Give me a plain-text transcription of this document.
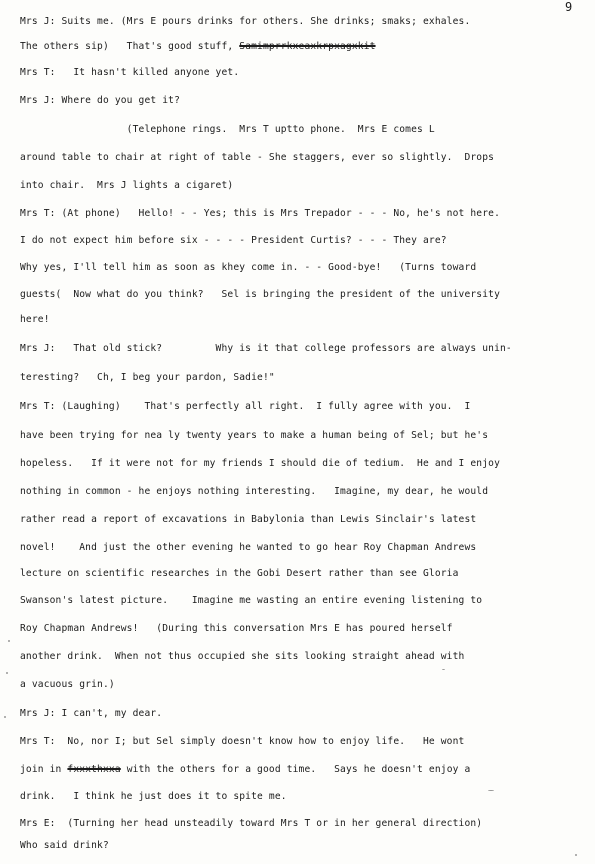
9

Mrs J: Suits me. (Mrs E pours drinks for others. She drinks; smaks; exhales.

The others sip)   That's good stuff, Samimprrkxeaxkrpxagxkit

Mrs T:   It hasn't killed anyone yet.

Mrs J: Where do you get it?

(Telephone rings.  Mrs T uptto phone.  Mrs E comes L

around table to chair at right of table - She staggers, ever so slightly.  Drops

into chair.  Mrs J lights a cigaret)

Mrs T: (At phone)   Hello! - - Yes; this is Mrs Trepador - - - No, he's not here.

I do not expect him before six - - - - President Curtis? - - - They are?

Why yes, I'll tell him as soon as khey come in. - - Good-bye!   (Turns toward

guests(  Now what do you think?   Sel is bringing the president of the university

here!

Mrs J:   That old stick?         Why is it that college professors are always unin-

teresting?   Ch, I beg your pardon, Sadie!"

Mrs T: (Laughing)    That's perfectly all right.  I fully agree with you.  I

have been trying for nea ly twenty years to make a human being of Sel; but he's

hopeless.   If it were not for my friends I should die of tedium.  He and I enjoy

nothing in common - he enjoys nothing interesting.   Imagine, my dear, he would

rather read a report of excavations in Babylonia than Lewis Sinclair's latest

novel!    And just the other evening he wanted to go hear Roy Chapman Andrews

lecture on scientific researches in the Gobi Desert rather than see Gloria

Swanson's latest picture.    Imagine me wasting an entire evening listening to

Roy Chapman Andrews!   (During this conversation Mrs E has poured herself

another drink.  When not thus occupied she sits looking straight ahead with

a vacuous grin.)

Mrs J: I can't, my dear.

Mrs T:  No, nor I; but Sel simply doesn't know how to enjoy life.   He wont

join in fxxxthxxa with the others for a good time.   Says he doesn't enjoy a

drink.   I think he just does it to spite me.

Mrs E:  (Turning her head unsteadily toward Mrs T or in her general direction)

Who said drink?
